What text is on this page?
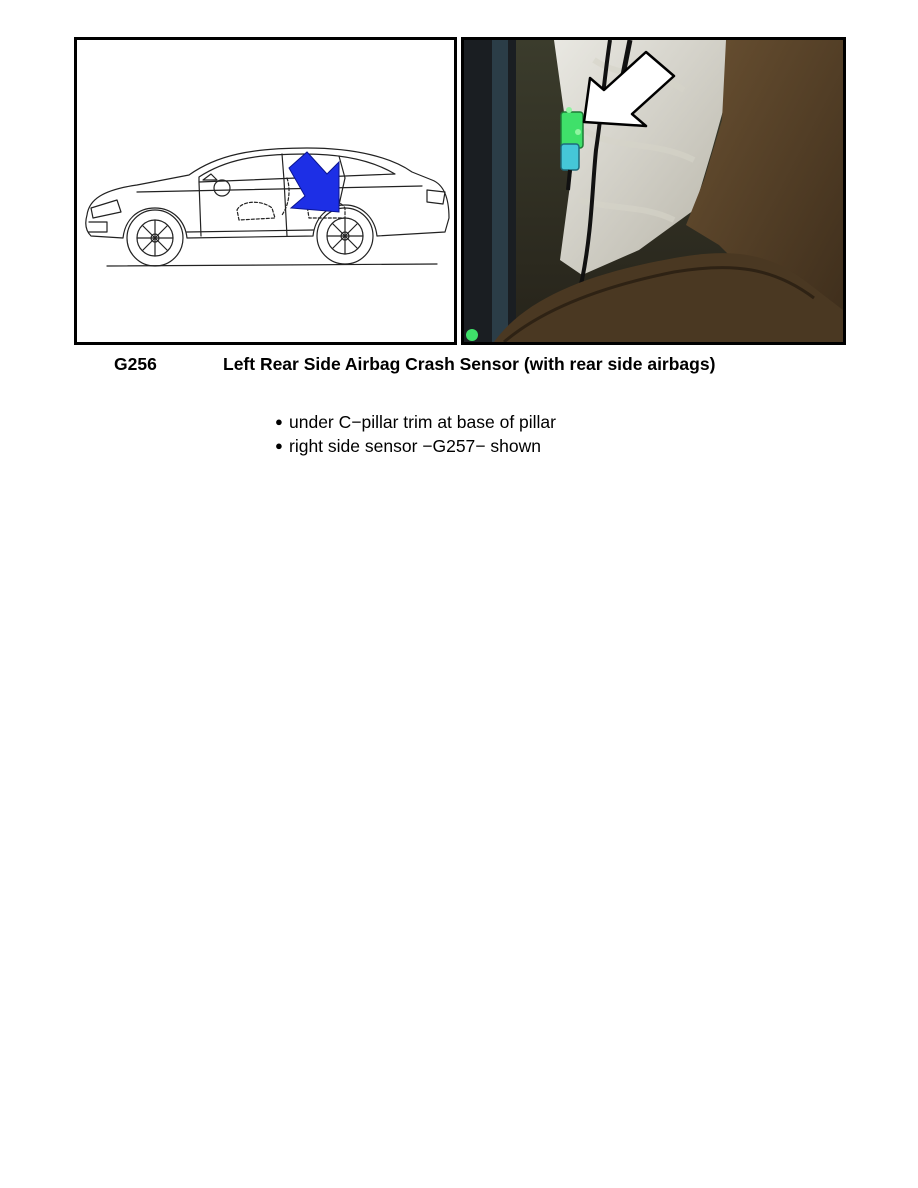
G256	Left Rear Side Airbag Crash Sensor (with rear side airbags)
● under C−pillar trim at base of pillar
● right side sensor −G257− shown
